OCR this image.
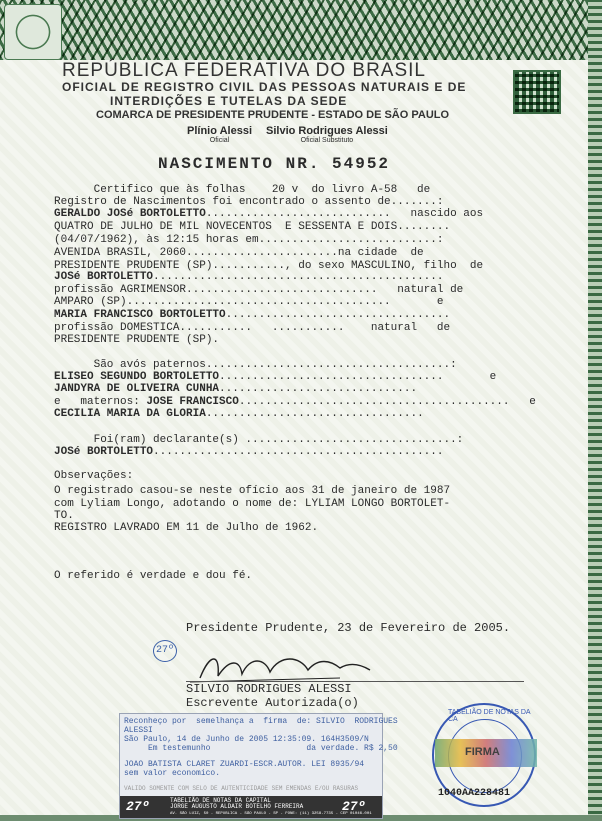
REPÚBLICA FEDERATIVA DO BRASIL
OFICIAL DE REGISTRO CIVIL DAS PESSOAS NATURAIS E DE
INTERDIÇÕES E TUTELAS DA SEDE
COMARCA DE PRESIDENTE PRUDENTE - ESTADO DE SÃO PAULO
Plínio Alessi
Oficial
Silvio Rodrigues Alessi
Oficial Substituto
NASCIMENTO NR. 54952
Certifico que às folhas    20 v  do livro A-58   de
Registro de Nascimentos foi encontrado o assento de.......:
GERALDO JOSé BORTOLETTO............................   nascido aos
QUATRO DE JULHO DE MIL NOVECENTOS  E SESSENTA E DOIS........
(04/07/1962), às 12:15 horas em...........................:
AVENIDA BRASIL, 2060.......................na cidade  de
PRESIDENTE PRUDENTE (SP)..........., do sexo MASCULINO, filho  de
JOSé BORTOLETTO............................................
profissão AGRIMENSOR.............................   natural de
AMPARO (SP)........................................       e
MARIA FRANCISCO BORTOLETTO..................................
profissão DOMESTICA...........   ...........    natural   de
PRESIDENTE PRUDENTE (SP).
São avós paternos.....................................:
ELISEO SEGUNDO BORTOLETTO..................................       e
JANDYRA DE OLIVEIRA CUNHA..............................
e   maternos: JOSE FRANCISCO.........................................   e
CECILIA MARIA DA GLORIA.................................
Foi(ram) declarante(s) ................................:
JOSé BORTOLETTO............................................
Observações:
O registrado casou-se neste ofício aos 31 de janeiro de 1987
com Lyliam Longo, adotando o nome de: LYLIAM LONGO BORTOLET-
TO.
REGISTRO LAVRADO EM 11 de Julho de 1962.
O referido é verdade e dou fé.
Presidente Prudente, 23 de Fevereiro de 2005.
27º
SILVIO RODRIGUES ALESSI
Escrevente Autorizada(o)
Reconheço por  semelhança a  firma  de: SILVIO  RODRIGUES
ALESSI
São Paulo, 14 de Junho de 2005 12:35:09. 164H3509/N
Em testemunho                    da verdade. R$ 2,50
JOAO BATISTA CLARET ZUARDI-ESCR.AUTOR. LEI 8935/94
sem valor economico.
VALIDO SOMENTE COM SELO DE AUTENTICIDADE SEM EMENDAS E/OU RASURAS
27º	TABELIÃO DE NOTAS DA CAPITAL
JORGE AUGUSTO ALDAIR BOTELHO FERREIRA
AV. SÃO LUIZ, 50 - REPUBLICA - SÃO PAULO - SP - FONE: (11) 3258-7735 - CEP 01046-001
27º
TABELIÃO DE NOTAS DA CA
FIRMA
1040AA228481
